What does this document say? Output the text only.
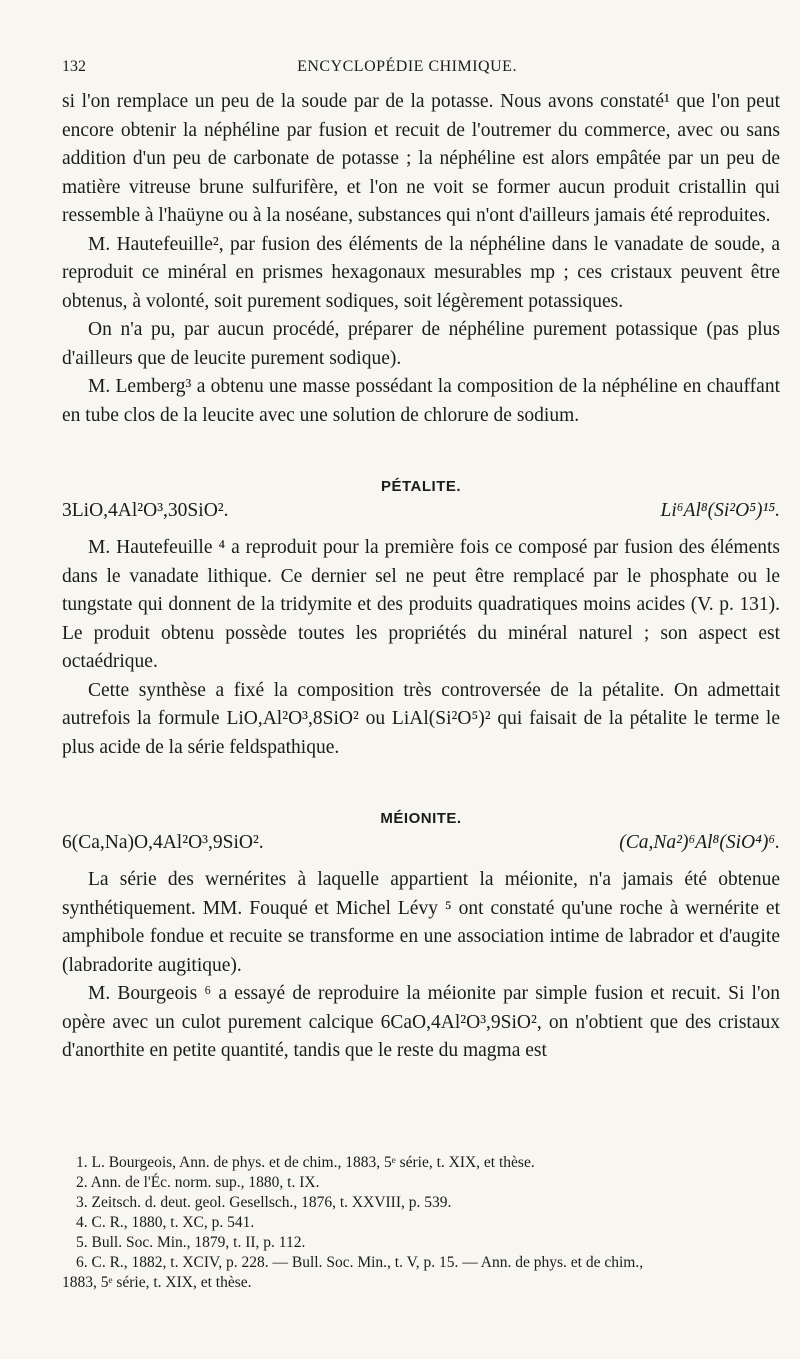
132	ENCYCLOPÉDIE CHIMIQUE.

si l'on remplace un peu de la soude par de la potasse. Nous avons constaté¹ que l'on peut encore obtenir la néphéline par fusion et recuit de l'outremer du commerce, avec ou sans addition d'un peu de carbonate de potasse ; la néphéline est alors empâtée par un peu de matière vitreuse brune sulfurifère, et l'on ne voit se former aucun produit cristallin qui ressemble à l'haüyne ou à la noséane, substances qui n'ont d'ailleurs jamais été reproduites.

M. Hautefeuille², par fusion des éléments de la néphéline dans le vanadate de soude, a reproduit ce minéral en prismes hexagonaux mesurables mp ; ces cristaux peuvent être obtenus, à volonté, soit purement sodiques, soit légèrement potassiques.

On n'a pu, par aucun procédé, préparer de néphéline purement potassique (pas plus d'ailleurs que de leucite purement sodique).

M. Lemberg³ a obtenu une masse possédant la composition de la néphéline en chauffant en tube clos de la leucite avec une solution de chlorure de sodium.

PÉTALITE.
3LiO,4Al²O³,30SiO².	Li⁶Al⁸(Si²O⁵)¹⁵.

M. Hautefeuille ⁴ a reproduit pour la première fois ce composé par fusion des éléments dans le vanadate lithique. Ce dernier sel ne peut être remplacé par le phosphate ou le tungstate qui donnent de la tridymite et des produits quadratiques moins acides (V. p. 131). Le produit obtenu possède toutes les propriétés du minéral naturel ; son aspect est octaédrique.

Cette synthèse a fixé la composition très controversée de la pétalite. On admettait autrefois la formule LiO,Al²O³,8SiO² ou LiAl(Si²O⁵)² qui faisait de la pétalite le terme le plus acide de la série feldspathique.

MÉIONITE.
6(Ca,Na)O,4Al²O³,9SiO².	(Ca,Na²)⁶Al⁸(SiO⁴)⁶.

La série des wernérites à laquelle appartient la méionite, n'a jamais été obtenue synthétiquement. MM. Fouqué et Michel Lévy ⁵ ont constaté qu'une roche à wernérite et amphibole fondue et recuite se transforme en une association intime de labrador et d'augite (labradorite augitique).

M. Bourgeois ⁶ a essayé de reproduire la méionite par simple fusion et recuit. Si l'on opère avec un culot purement calcique 6CaO,4Al²O³,9SiO², on n'obtient que des cristaux d'anorthite en petite quantité, tandis que le reste du magma est

1. L. Bourgeois, Ann. de phys. et de chim., 1883, 5ᵉ série, t. XIX, et thèse.
2. Ann. de l'Éc. norm. sup., 1880, t. IX.
3. Zeitsch. d. deut. geol. Gesellsch., 1876, t. XXVIII, p. 539.
4. C. R., 1880, t. XC, p. 541.
5. Bull. Soc. Min., 1879, t. II, p. 112.
6. C. R., 1882, t. XCIV, p. 228. — Bull. Soc. Min., t. V, p. 15. — Ann. de phys. et de chim.,
1883, 5ᵉ série, t. XIX, et thèse.
